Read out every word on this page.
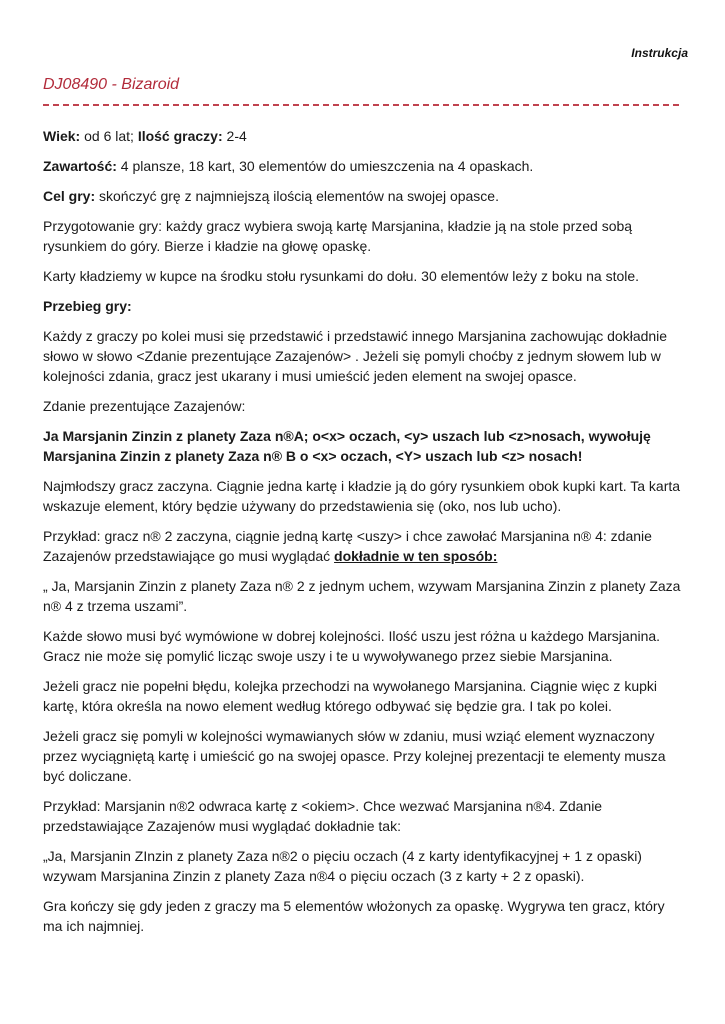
Instrukcja
DJ08490 - Bizaroid

Wiek: od 6 lat; Ilość graczy: 2-4

Zawartość: 4 plansze, 18 kart, 30 elementów do umieszczenia na 4 opaskach.

Cel gry: skończyć grę z najmniejszą ilością elementów na swojej opasce.

Przygotowanie gry: każdy gracz wybiera swoją kartę Marsjanina, kładzie ją na stole przed sobą rysunkiem do góry. Bierze i kładzie na głowę opaskę.

Karty kładziemy w kupce na środku stołu rysunkami do dołu. 30 elementów leży z boku na stole.

Przebieg gry:

Każdy z graczy po kolei musi się przedstawić i przedstawić innego Marsjanina zachowując dokładnie słowo w słowo <Zdanie prezentujące Zazajenów> . Jeżeli się pomyli choćby z jednym słowem lub w kolejności zdania, gracz jest ukarany i musi umieścić jeden element na swojej opasce.

Zdanie prezentujące Zazajenów:

Ja Marsjanin Zinzin z planety Zaza n®A; o<x> oczach, <y> uszach lub <z>nosach, wywołuję Marsjanina Zinzin z planety Zaza n® B o <x> oczach, <Y> uszach lub <z> nosach!

Najmłodszy gracz zaczyna. Ciągnie jedna kartę i kładzie ją do góry rysunkiem obok kupki kart. Ta karta wskazuje element, który będzie używany do przedstawienia się (oko, nos lub ucho).

Przykład: gracz n® 2 zaczyna, ciągnie jedną kartę <uszy> i chce zawołać Marsjanina n® 4: zdanie Zazajenów przedstawiające go musi wyglądać dokładnie w ten sposób:

„ Ja, Marsjanin Zinzin z planety Zaza n® 2 z jednym uchem, wzywam Marsjanina Zinzin z planety Zaza n® 4 z trzema uszami”.

Każde słowo musi być wymówione w dobrej kolejności. Ilość uszu jest różna u każdego Marsjanina. Gracz nie może się pomylić licząc swoje uszy i te u wywoływanego przez siebie Marsjanina.

Jeżeli gracz nie popełni błędu, kolejka przechodzi na wywołanego Marsjanina. Ciągnie więc z kupki kartę, która określa na nowo element według którego odbywać się będzie gra. I tak po kolei.

Jeżeli gracz się pomyli w kolejności wymawianych słów w zdaniu, musi wziąć element wyznaczony przez wyciągniętą kartę i umieścić go na swojej opasce. Przy kolejnej prezentacji te elementy musza być doliczane.

Przykład: Marsjanin n®2 odwraca kartę z <okiem>. Chce wezwać Marsjanina n®4. Zdanie przedstawiające Zazajenów musi wyglądać dokładnie tak:

„Ja, Marsjanin ZInzin z planety Zaza n®2 o pięciu oczach (4 z karty identyfikacyjnej + 1 z opaski) wzywam Marsjanina Zinzin z planety Zaza n®4 o pięciu oczach (3 z karty + 2 z opaski).

Gra kończy się gdy jeden z graczy ma 5 elementów włożonych za opaskę. Wygrywa ten gracz, który ma ich najmniej.
